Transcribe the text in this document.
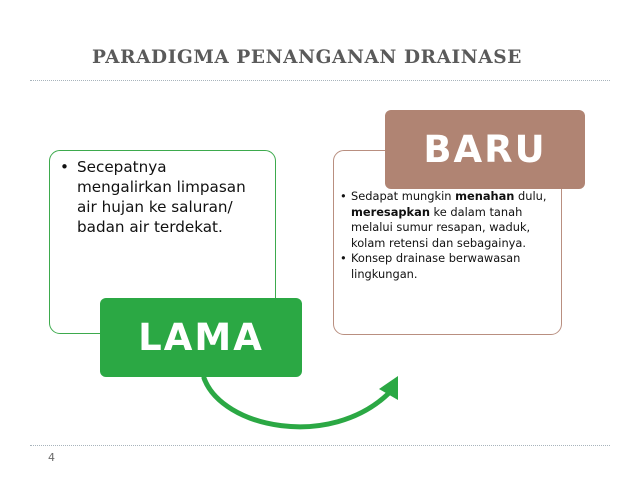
PARADIGMA PENANGANAN DRAINASE
• Secepatnya mengalirkan limpasan air hujan ke saluran/ badan air terdekat.
• Sedapat mungkin menahan dulu, meresapkan ke dalam tanah melalui sumur resapan, waduk, kolam retensi dan sebagainya.
• Konsep drainase berwawasan lingkungan.
LAMA
BARU
4
